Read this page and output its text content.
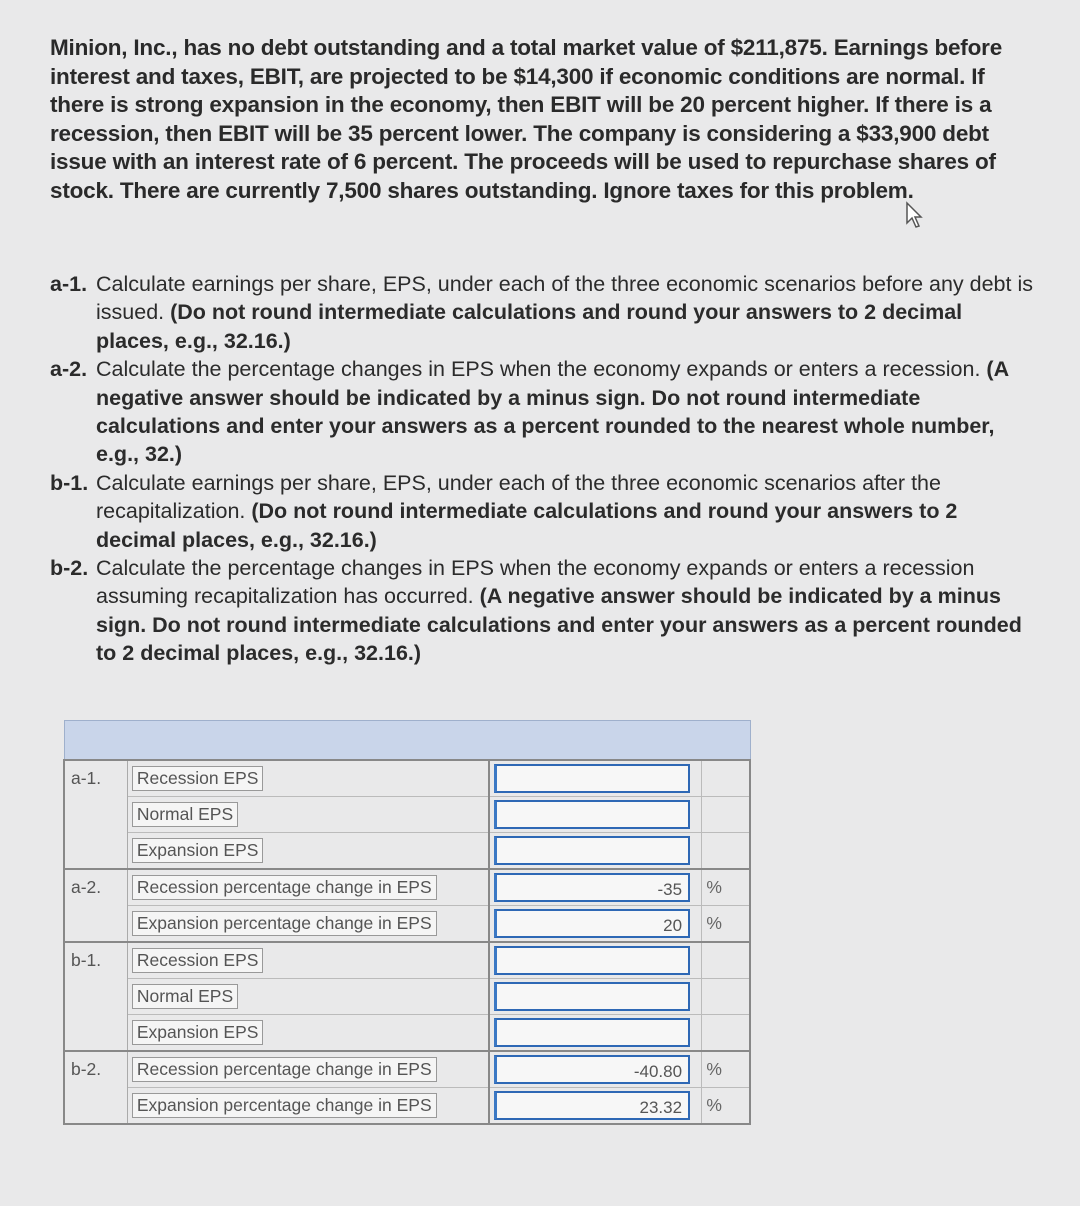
Minion, Inc., has no debt outstanding and a total market value of $211,875. Earnings before interest and taxes, EBIT, are projected to be $14,300 if economic conditions are normal. If there is strong expansion in the economy, then EBIT will be 20 percent higher. If there is a recession, then EBIT will be 35 percent lower. The company is considering a $33,900 debt issue with an interest rate of 6 percent. The proceeds will be used to repurchase shares of stock. There are currently 7,500 shares outstanding. Ignore taxes for this problem.
a-1. Calculate earnings per share, EPS, under each of the three economic scenarios before any debt is issued. (Do not round intermediate calculations and round your answers to 2 decimal places, e.g., 32.16.)
a-2. Calculate the percentage changes in EPS when the economy expands or enters a recession. (A negative answer should be indicated by a minus sign. Do not round intermediate calculations and enter your answers as a percent rounded to the nearest whole number, e.g., 32.)
b-1. Calculate earnings per share, EPS, under each of the three economic scenarios after the recapitalization. (Do not round intermediate calculations and round your answers to 2 decimal places, e.g., 32.16.)
b-2. Calculate the percentage changes in EPS when the economy expands or enters a recession assuming recapitalization has occurred. (A negative answer should be indicated by a minus sign. Do not round intermediate calculations and enter your answers as a percent rounded to 2 decimal places, e.g., 32.16.)

a-1.	Recession EPS	

	Normal EPS	

	Expansion EPS	

a-2.	Recession percentage change in EPS	-35	%
	Expansion percentage change in EPS	20	%
b-1.	Recession EPS	

	Normal EPS	

	Expansion EPS	

b-2.	Recession percentage change in EPS	-40.80	%
	Expansion percentage change in EPS	23.32	%
